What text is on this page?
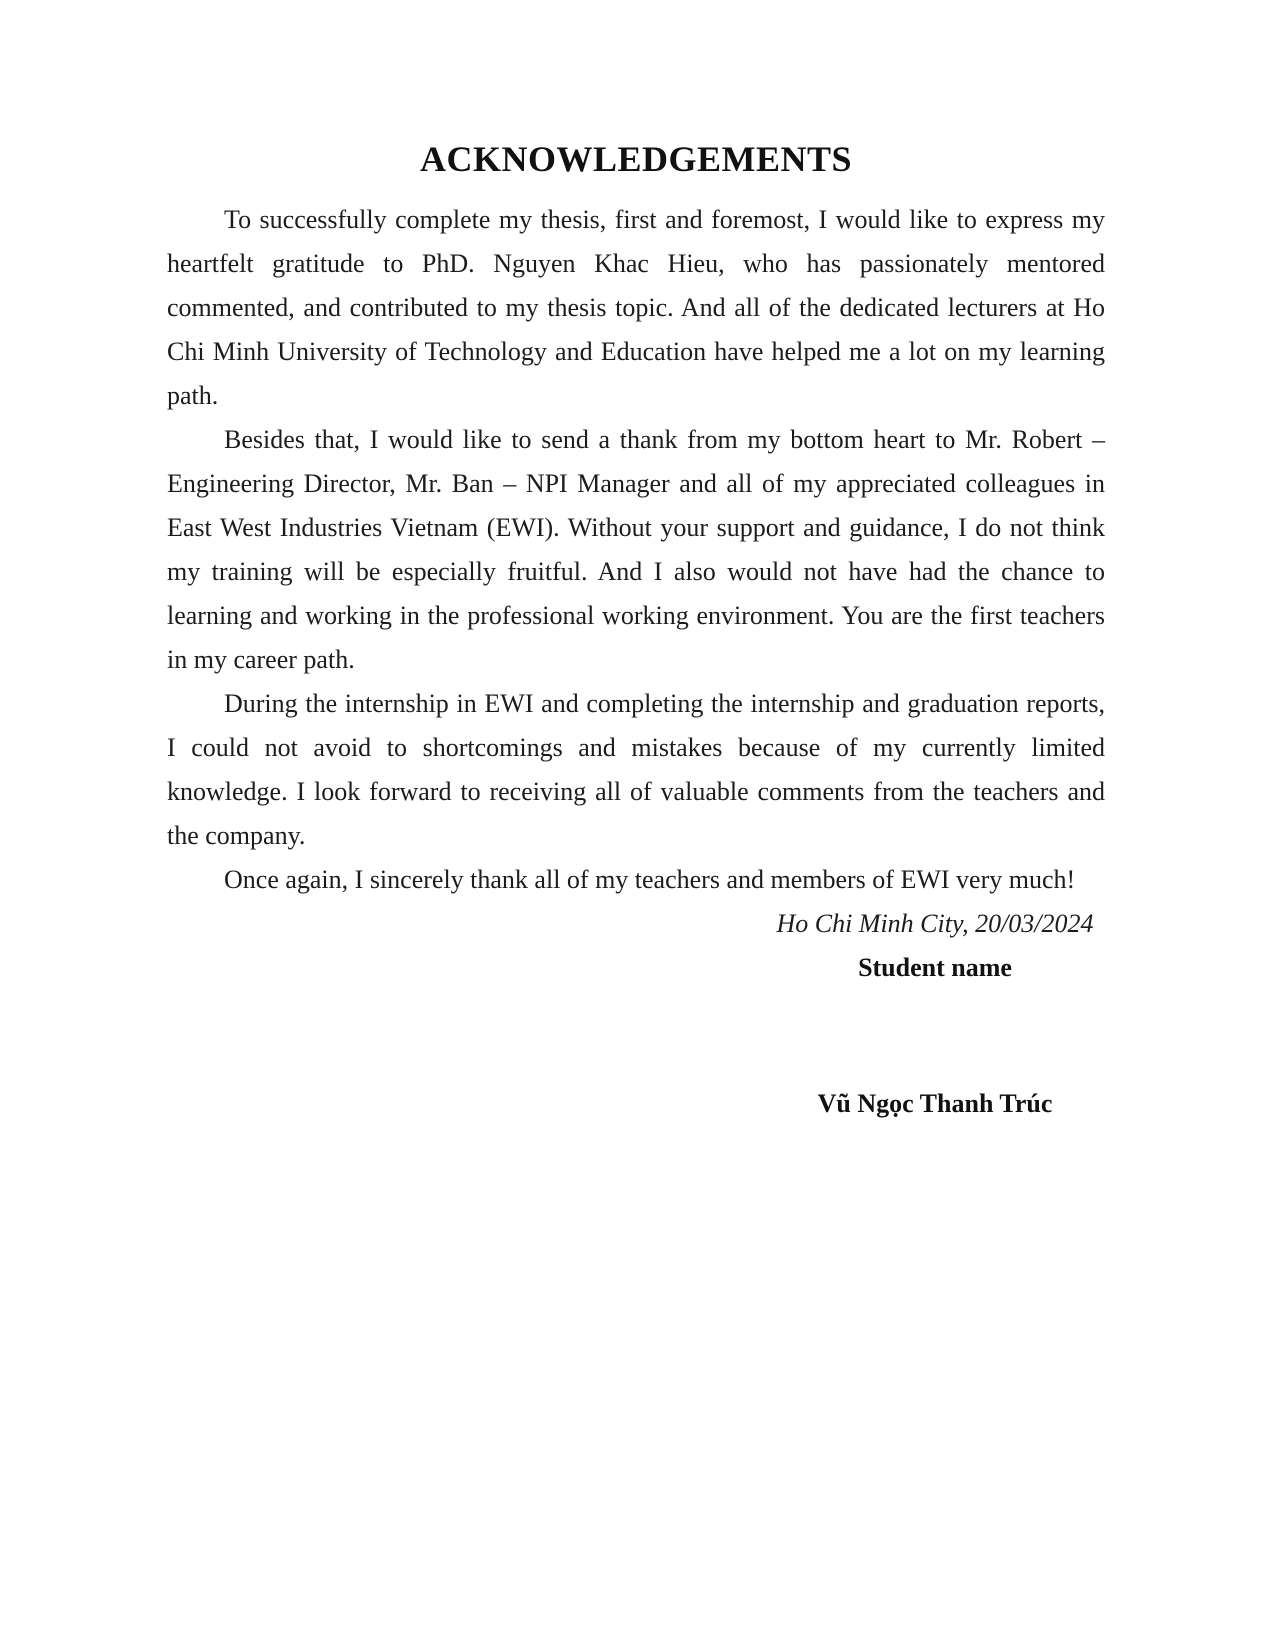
ACKNOWLEDGEMENTS

To successfully complete my thesis, first and foremost, I would like to express my heartfelt gratitude to PhD. Nguyen Khac Hieu, who has passionately mentored commented, and contributed to my thesis topic. And all of the dedicated lecturers at Ho Chi Minh University of Technology and Education have helped me a lot on my learning path.

Besides that, I would like to send a thank from my bottom heart to Mr. Robert – Engineering Director, Mr. Ban – NPI Manager and all of my appreciated colleagues in East West Industries Vietnam (EWI). Without your support and guidance, I do not think my training will be especially fruitful. And I also would not have had the chance to learning and working in the professional working environment. You are the first teachers in my career path.

During the internship in EWI and completing the internship and graduation reports, I could not avoid to shortcomings and mistakes because of my currently limited knowledge. I look forward to receiving all of valuable comments from the teachers and the company.

Once again, I sincerely thank all of my teachers and members of EWI very much!

Ho Chi Minh City, 20/03/2024
Student name
Vũ Ngọc Thanh Trúc
